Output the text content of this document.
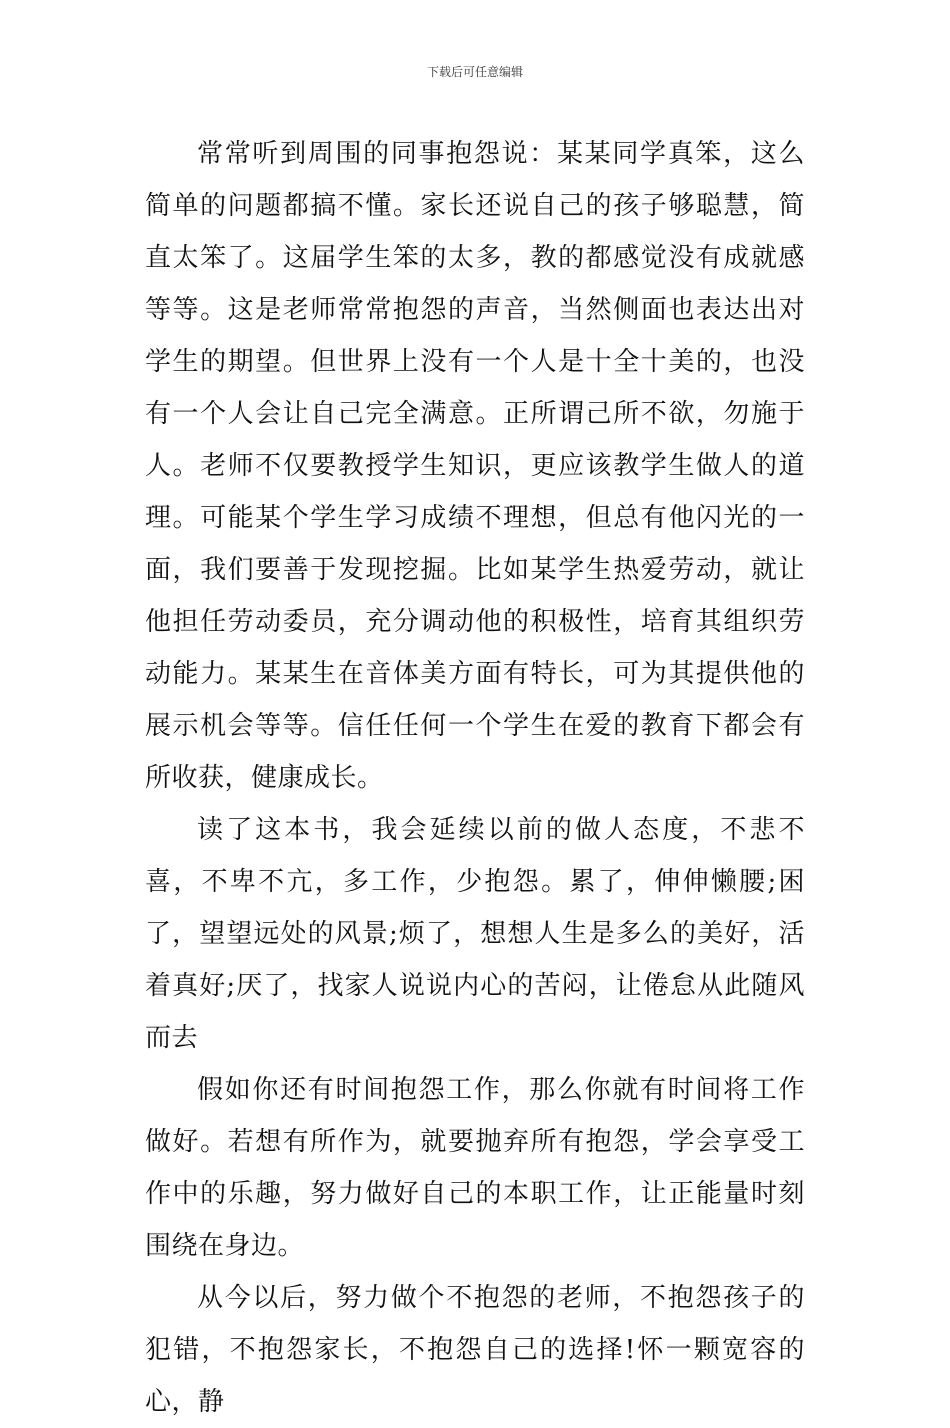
下载后可任意编辑

常常听到周围的同事抱怨说：某某同学真笨，这么简单的问题都搞不懂。家长还说自己的孩子够聪慧，简直太笨了。这届学生笨的太多，教的都感觉没有成就感等等。这是老师常常抱怨的声音，当然侧面也表达出对学生的期望。但世界上没有一个人是十全十美的，也没有一个人会让自己完全满意。正所谓己所不欲，勿施于人。老师不仅要教授学生知识，更应该教学生做人的道理。可能某个学生学习成绩不理想，但总有他闪光的一面，我们要善于发现挖掘。比如某学生热爱劳动，就让他担任劳动委员，充分调动他的积极性，培育其组织劳动能力。某某生在音体美方面有特长，可为其提供他的展示机会等等。信任任何一个学生在爱的教育下都会有所收获，健康成长。

读了这本书，我会延续以前的做人态度，不悲不喜，不卑不亢，多工作，少抱怨。累了，伸伸懒腰;困了，望望远处的风景;烦了，想想人生是多么的美好，活着真好;厌了，找家人说说内心的苦闷，让倦怠从此随风而去

假如你还有时间抱怨工作，那么你就有时间将工作做好。若想有所作为，就要抛弃所有抱怨，学会享受工作中的乐趣，努力做好自己的本职工作，让正能量时刻围绕在身边。

从今以后，努力做个不抱怨的老师，不抱怨孩子的犯错，不抱怨家长，不抱怨自己的选择!怀一颗宽容的心，静
